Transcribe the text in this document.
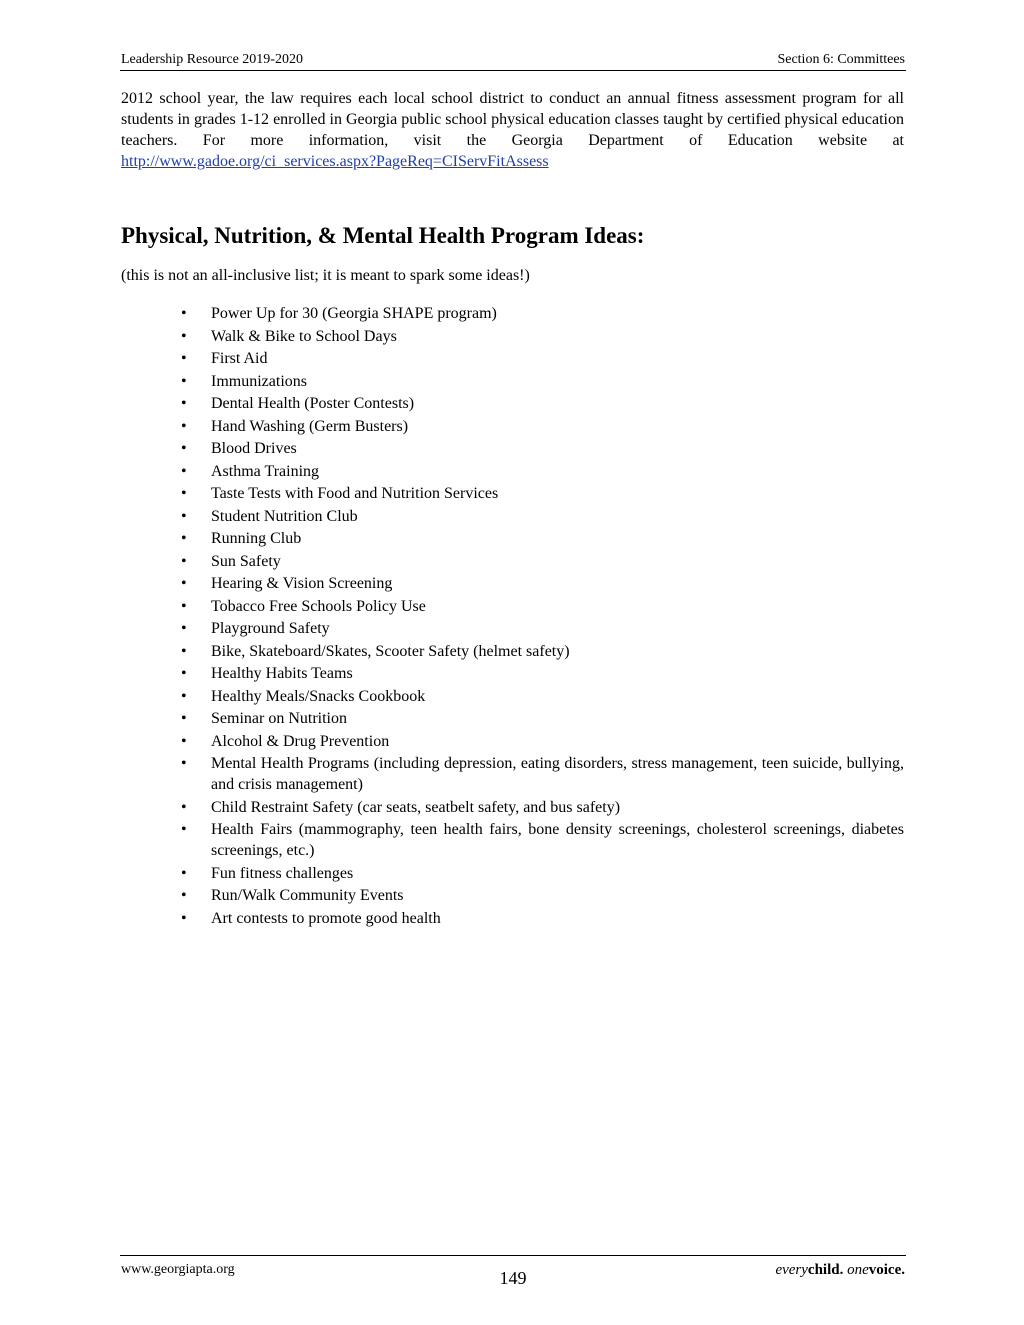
Leadership Resource 2019-2020	Section 6: Committees

2012 school year, the law requires each local school district to conduct an annual fitness assessment program for all students in grades 1-12 enrolled in Georgia public school physical education classes taught by certified physical education teachers. For more information, visit the Georgia Department of Education website at http://www.gadoe.org/ci_services.aspx?PageReq=CIServFitAssess

Physical, Nutrition, & Mental Health Program Ideas:

(this is not an all-inclusive list; it is meant to spark some ideas!)

• Power Up for 30 (Georgia SHAPE program)
• Walk & Bike to School Days
• First Aid
• Immunizations
• Dental Health (Poster Contests)
• Hand Washing (Germ Busters)
• Blood Drives
• Asthma Training
• Taste Tests with Food and Nutrition Services
• Student Nutrition Club
• Running Club
• Sun Safety
• Hearing & Vision Screening
• Tobacco Free Schools Policy Use
• Playground Safety
• Bike, Skateboard/Skates, Scooter Safety (helmet safety)
• Healthy Habits Teams
• Healthy Meals/Snacks Cookbook
• Seminar on Nutrition
• Alcohol & Drug Prevention
• Mental Health Programs (including depression, eating disorders, stress management, teen suicide, bullying, and crisis management)
• Child Restraint Safety (car seats, seatbelt safety, and bus safety)
• Health Fairs (mammography, teen health fairs, bone density screenings, cholesterol screenings, diabetes screenings, etc.)
• Fun fitness challenges
• Run/Walk Community Events
• Art contests to promote good health
www.georgiapta.org	149	everychild. onevoice.
